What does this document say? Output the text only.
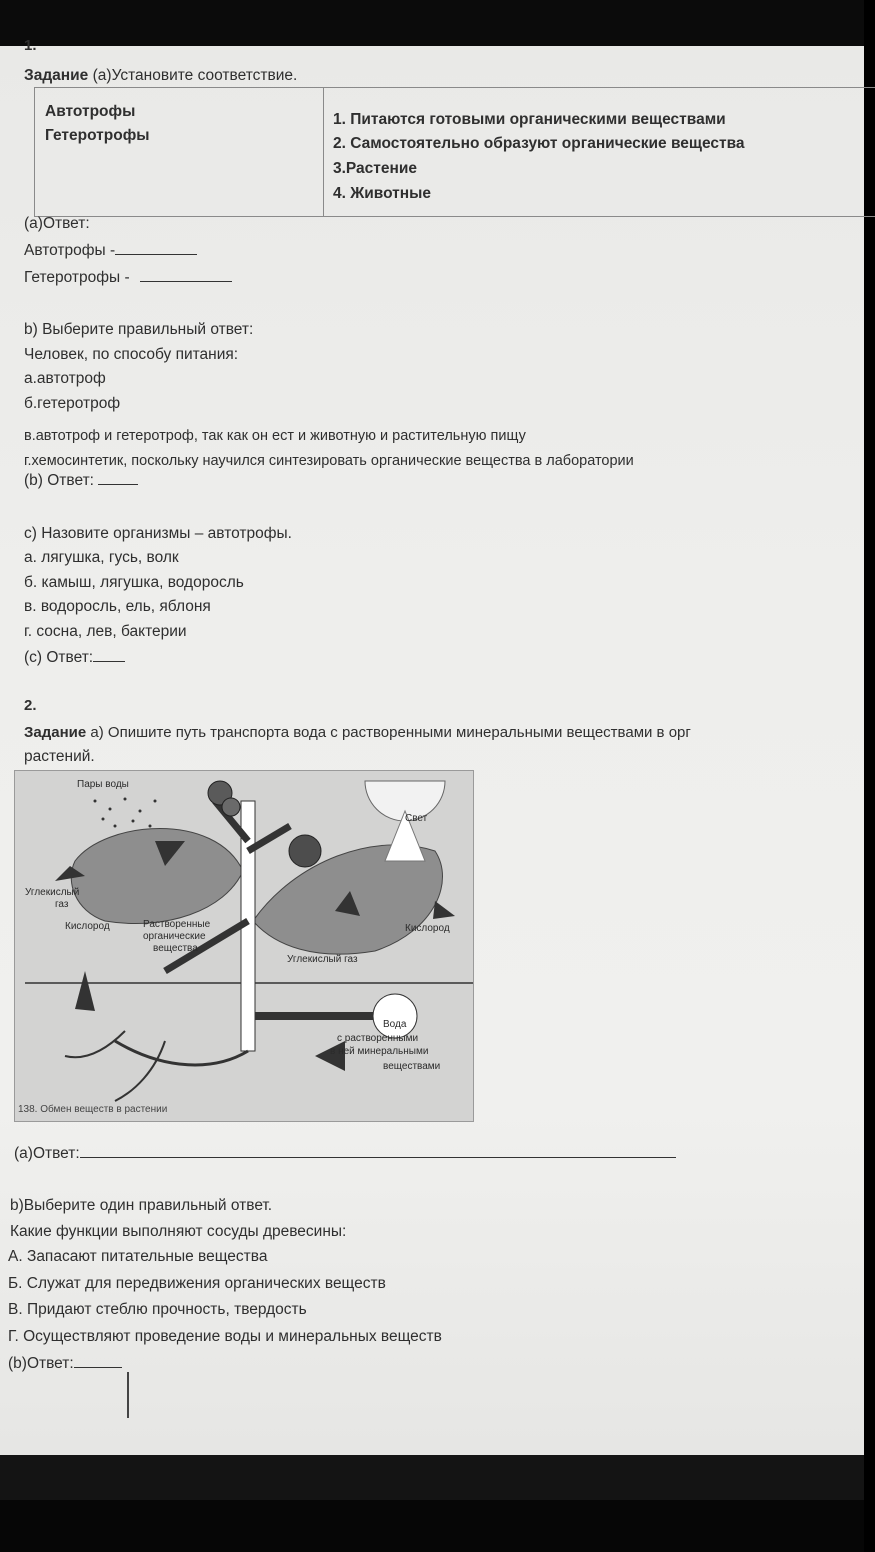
1.
Задание (а)Установите соответствие.
Автотрофы
Гетеротрофы
1. Питаются готовыми органическими веществами
2. Самостоятельно образуют органические вещества
3.Растение
4. Животные
(а)Ответ:
Автотрофы -
Гетеротрофы -
b) Выберите правильный ответ:
Человек, по способу питания:
а.автотроф
б.гетеротроф
в.автотроф и гетеротроф, так как он ест и животную и растительную пищу
г.хемосинтетик, поскольку научился синтезировать органические вещества в лаборатории
(b) Ответ:
c) Назовите организмы – автотрофы.
а. лягушка, гусь, волк
б. камыш, лягушка, водоросль
в. водоросль, ель, яблоня
г. сосна, лев, бактерии
(c) Ответ:
2.
Задание а) Опишите путь транспорта вода с растворенными минеральными веществами в орг
растений.
Пары воды
Свет
Углекислый
газ
Кислород	Растворенные
органические
вещества
Кислород
Углекислый газ
Вода
с растворенными
в ней минеральными
веществами
138. Обмен веществ в растении
(а)Ответ:
b)Выберите один правильный ответ.
Какие функции выполняют сосуды древесины:
А. Запасают питательные вещества
Б. Служат для передвижения органических веществ
В. Придают стеблю прочность, твердость
Г. Осуществляют проведение воды и минеральных веществ
(b)Ответ:
